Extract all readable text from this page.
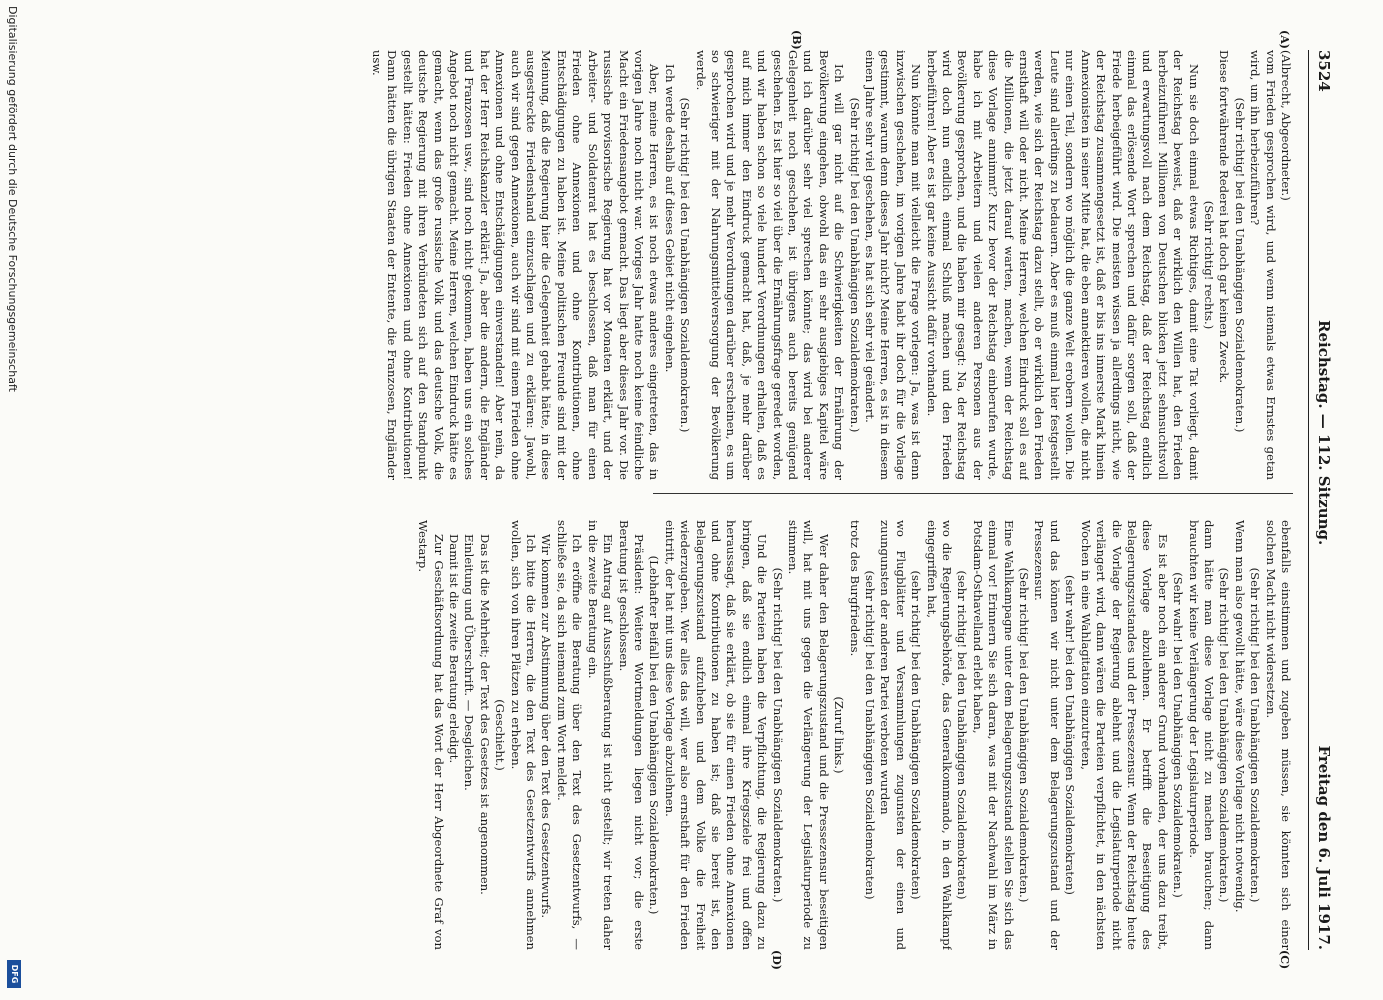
3524
Reichstag. — 112. Sitzung.
Freitag den 6. Juli 1917.
(A)
(B)
(C)
(D)

(Albrecht, Abgeordneter.)

vom Frieden gesprochen wird, und wenn niemals etwas Ernstes getan wird, um ihn herbeizuführen?

(Sehr richtig! bei den Unabhängigen Sozialdemokraten.)

Diese fortwährende Rederei hat doch gar keinen Zweck.

(Sehr richtig! rechts.)

Nun sie doch einmal etwas Richtiges, damit eine Tat vorliegt, damit der Reichstag beweist, daß er wirklich den Willen hat, den Frieden herbeizuführen! Millionen von Deutschen blicken jetzt sehnsuchtsvoll und erwartungsvoll nach dem Reichstag, daß der Reichstag endlich einmal das erlösende Wort sprechen und dafür sorgen soll, daß der Friede herbeigeführt wird. Die meisten wissen ja allerdings nicht, wie der Reichstag zusammengesetzt ist, daß er bis ins innerste Mark hinein Annexionisten in seiner Mitte hat, die eben annektieren wollen, die nicht nur einen Teil, sondern wo möglich die ganze Welt erobern wollen. Die Leute sind allerdings zu bedauern. Aber es muß einmal hier festgestellt werden, wie sich der Reichstag dazu stellt, ob er wirklich den Frieden ernsthaft will oder nicht. Meine Herren, welchen Eindruck soll es auf die Millionen, die jetzt darauf warten, machen, wenn der Reichstag diese Vorlage annimmt? Kurz bevor der Reichstag einberufen wurde, habe ich mit Arbeitern und vielen anderen Personen aus der Bevölkerung gesprochen, und die haben mir gesagt: Na, der Reichstag wird doch nun endlich einmal Schluß machen und den Frieden herbeiführen! Aber es ist gar keine Aussicht dafür vorhanden.

Nun könnte man mit vielleicht die Frage vorlegen: Ja, was ist denn inzwischen geschehen, im vorigen Jahre habt ihr doch für die Vorlage gestimmt, warum denn dieses Jahr nicht? Meine Herren, es ist in diesem einen Jahre sehr viel geschehen, es hat sich sehr viel geändert.

(Sehr richtig! bei den Unabhängigen Sozialdemokraten.)

Ich will gar nicht auf die Schwierigkeiten der Ernährung der Bevölkerung eingehen, obwohl das ein sehr ausgiebiges Kapitel wäre und ich darüber sehr viel sprechen könnte; das wird bei anderer Gelegenheit noch geschehen, ist übrigens auch bereits genügend geschehen. Es ist hier so viel über die Ernährungsfrage geredet worden, und wir haben schon so viele hundert Verordnungen erhalten, daß es auf mich immer den Eindruck gemacht hat, daß, je mehr darüber gesprochen wird und je mehr Verordnungen darüber erscheinen, es um so schwieriger mit der Nahrungsmittelversorgung der Bevölkerung werde.

(Sehr richtig! bei den Unabhängigen Sozialdemokraten.)

Ich werde deshalb auf dieses Gebiet nicht eingehen.

Aber, meine Herren, es ist noch etwas anderes eingetreten, das in vorigen Jahre noch nicht war. Voriges Jahr hatte noch keine feindliche Macht ein Friedensangebot gemacht. Das liegt aber dieses Jahr vor. Die russische provisorische Regierung hat vor Monaten erklärt, und der Arbeiter- und Soldatenrat hat es beschlossen, daß man für einen Frieden ohne Annexionen und ohne Kontributionen, ohne Entschädigungen zu haben ist. Meine politischen Freunde sind mit der Meinung, daß die Regierung hier die Gelegenheit gehabt hätte, in diese ausgestreckte Friedenshand einzuschlagen und zu erklären: Jawohl, auch wir sind gegen Annexionen, auch wir sind mit einem Frieden ohne Annexionen und ohne Entschädigungen einverstanden! Aber nein, da hat der Herr Reichskanzler erklärt: Ja, aber die andern, die Engländer und Franzosen usw., sind noch nicht gekommen, haben uns ein solches Angebot noch nicht gemacht. Meine Herren, welchen Eindruck hätte es gemacht, wenn das große russische Volk und das deutsche Volk, die deutsche Regierung mit ihren Verbündeten sich auf den Standpunkt gestellt hätten: Frieden ohne Annexionen und ohne Kontributionen! Dann hätten die übrigen Staaten der Entente, die Franzosen, Engländer usw.

ebenfalls einstimmen und zugeben müssen, sie könnten sich einer solchen Macht nicht widersetzen.

(Sehr richtig! bei den Unabhängigen Sozialdemokraten.)

Wenn man also gewollt hätte, wäre diese Vorlage nicht notwendig.

(Sehr richtig! bei den Unabhängigen Sozialdemokraten.)

dann hätte man diese Vorlage nicht zu machen brauchen; dann brauchten wir keine Verlängerung der Legislaturperiode.

(Sehr wahr! bei den Unabhängigen Sozialdemokraten.)

Es ist aber noch ein anderer Grund vorhanden, der uns dazu treibt, diese Vorlage abzulehnen. Er betrifft die Beseitigung des Belagerungszustandes und der Pressezensur. Wenn der Reichstag heute die Vorlage der Regierung ablehnt und die Legislaturperiode nicht verlängert wird, dann wären die Parteien verpflichtet, in den nächsten Wochen in eine Wahlagitation einzutreten,

(sehr wahr! bei den Unabhängigen Sozialdemokraten)

und das können wir nicht unter dem Belagerungszustand und der Pressezensur.

(Sehr richtig! bei den Unabhängigen Sozialdemokraten.)

Eine Wahlkampagne unter dem Belagerungszustand stellen Sie sich das einmal vor! Erinnern Sie sich daran, was mit der Nachwahl im März in Potsdam-Osthavelland erlebt haben,

(sehr richtig! bei den Unabhängigen Sozialdemokraten)

wo die Regierungsbehörde, das Generalkommando, in den Wahlkampf eingegriffen hat,

(sehr richtig! bei den Unabhängigen Sozialdemokraten)

wo Flugblätter und Versammlungen zugunsten der einen und zuungunsten der anderen Partei verboten wurden

(sehr richtig! bei den Unabhängigen Sozialdemokraten)

trotz des Burgfriedens.

(Zuruf links.)

Wer daher den Belagerungszustand und die Pressezensur beseitigen will, hat mit uns gegen die Verlängerung der Legislaturperiode zu stimmen.

(Sehr richtig! bei den Unabhängigen Sozialdemokraten.)

Und die Parteien haben die Verpflichtung, die Regierung dazu zu bringen, daß sie endlich einmal ihre Kriegsziele frei und offen heraussagt, daß sie erklärt, ob sie für einen Frieden ohne Annexionen und ohne Kontributionen zu haben ist; daß sie bereit ist, den Belagerungszustand aufzuheben und dem Volke die Freiheit wiederzugeben. Wer alles das will, wer also ernsthaft für den Frieden eintritt, der hat mit uns diese Vorlage abzulehnen.

(Lebhafter Beifall bei den Unabhängigen Sozialdemokraten.)

Präsident: Weitere Wortmeldungen liegen nicht vor; die erste Beratung ist geschlossen.

Ein Antrag auf Ausschußberatung ist nicht gestellt; wir treten daher in die zweite Beratung ein.

Ich eröffne die Beratung über den Text des Gesetzentwurfs, — schließe sie, da sich niemand zum Wort meldet.

Wir kommen zur Abstimmung über den Text des Gesetzentwurfs.

Ich bitte die Herren, die den Text des Gesetzentwurfs annehmen wollen, sich von ihren Plätzen zu erheben.

(Geschieht.)

Das ist die Mehrheit; der Text des Gesetzes ist angenommen.

Einleitung und Überschrift. — Desgleichen.

Damit ist die zweite Beratung erledigt.

Zur Geschäftsordnung hat das Wort der Herr Abgeordnete Graf von Westarp.

Digitalisierung gefördert durch die Deutsche Forschungsgemeinschaft
DFG
